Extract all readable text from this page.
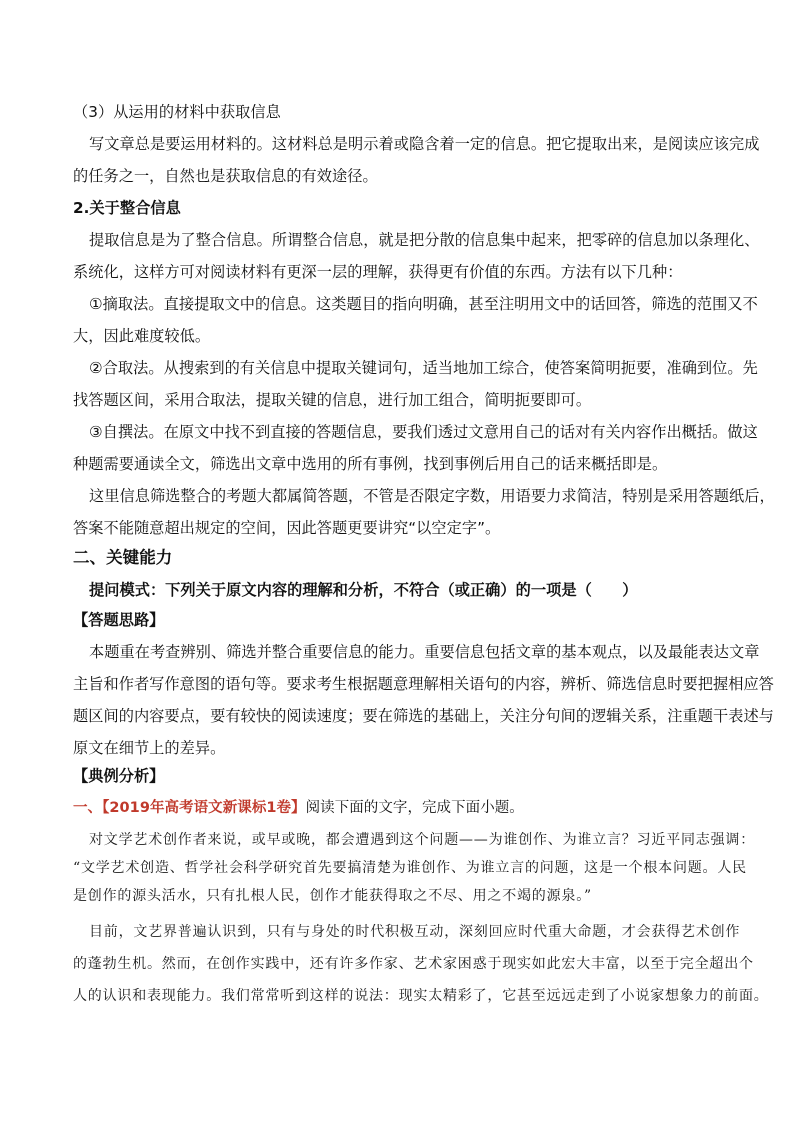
（3）从运用的材料中获取信息
写文章总是要运用材料的。这材料总是明示着或隐含着一定的信息。把它提取出来，是阅读应该完成
的任务之一，自然也是获取信息的有效途径。
2.关于整合信息
提取信息是为了整合信息。所谓整合信息，就是把分散的信息集中起来，把零碎的信息加以条理化、
系统化，这样方可对阅读材料有更深一层的理解，获得更有价值的东西。方法有以下几种：
①摘取法。直接提取文中的信息。这类题目的指向明确，甚至注明用文中的话回答，筛选的范围又不
大，因此难度较低。
②合取法。从搜索到的有关信息中提取关键词句，适当地加工综合，使答案简明扼要，准确到位。先
找答题区间，采用合取法，提取关键的信息，进行加工组合，简明扼要即可。
③自撰法。在原文中找不到直接的答题信息，要我们透过文意用自己的话对有关内容作出概括。做这
种题需要通读全文，筛选出文章中选用的所有事例，找到事例后用自己的话来概括即是。
这里信息筛选整合的考题大都属简答题，不管是否限定字数，用语要力求简洁，特别是采用答题纸后，
答案不能随意超出规定的空间，因此答题更要讲究“以空定字”。
二、关键能力
提问模式：下列关于原文内容的理解和分析，不符合（或正确）的一项是（　　）
【答题思路】
本题重在考查辨别、筛选并整合重要信息的能力。重要信息包括文章的基本观点，以及最能表达文章
主旨和作者写作意图的语句等。要求考生根据题意理解相关语句的内容，辨析、筛选信息时要把握相应答
题区间的内容要点，要有较快的阅读速度；要在筛选的基础上，关注分句间的逻辑关系，注重题干表述与
原文在细节上的差异。
【典例分析】
一、【2019年高考语文新课标1卷】阅读下面的文字，完成下面小题。
对文学艺术创作者来说，或早或晚，都会遭遇到这个问题——为谁创作、为谁立言？习近平同志强调：
“文学艺术创造、哲学社会科学研究首先要搞清楚为谁创作、为谁立言的问题，这是一个根本问题。人民
是创作的源头活水，只有扎根人民，创作才能获得取之不尽、用之不竭的源泉。”
目前，文艺界普遍认识到，只有与身处的时代积极互动，深刻回应时代重大命题，才会获得艺术创作
的蓬勃生机。然而，在创作实践中，还有许多作家、艺术家困惑于现实如此宏大丰富，以至于完全超出个
人的认识和表现能力。我们常常听到这样的说法：现实太精彩了，它甚至远远走到了小说家想象力的前面。
